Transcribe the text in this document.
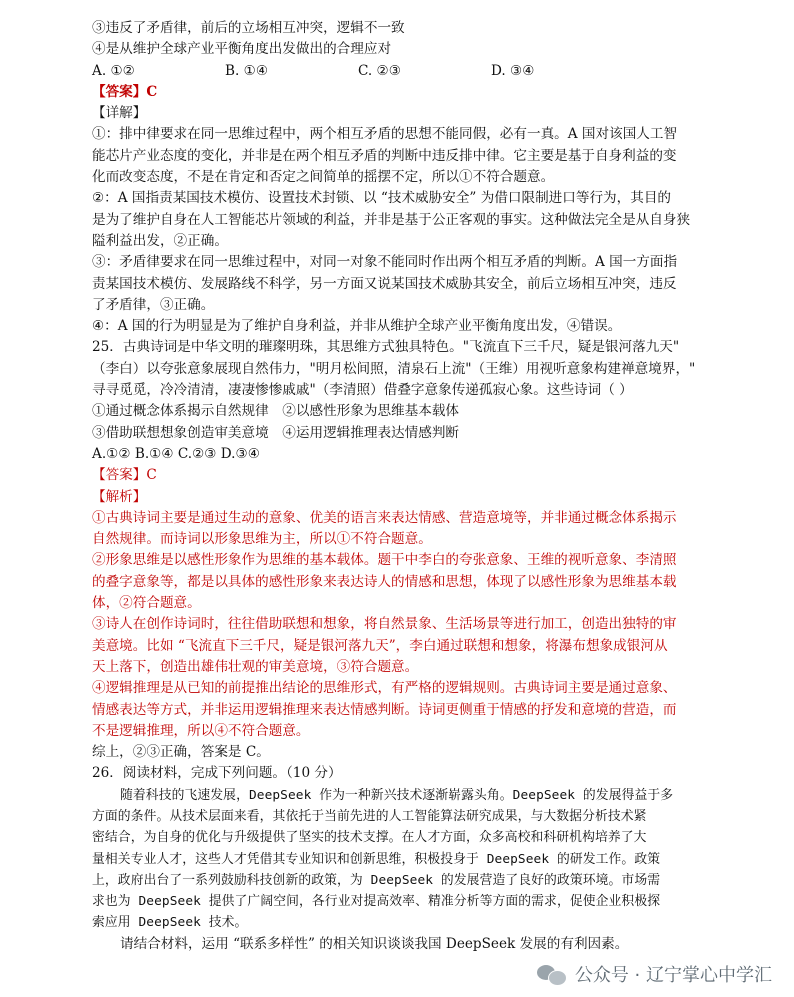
③违反了矛盾律，前后的立场相互冲突，逻辑不一致
④是从维护全球产业平衡角度出发做出的合理应对
A. ①②	B. ①④	C. ②③	D. ③④
【答案】C
【详解】
①：排中律要求在同一思维过程中，两个相互矛盾的思想不能同假，必有一真。A 国对该国人工智
能芯片产业态度的变化，并非是在两个相互矛盾的判断中违反排中律。它主要是基于自身利益的变
化而改变态度，不是在肯定和否定之间简单的摇摆不定，所以①不符合题意。
②：A 国指责某国技术模仿、设置技术封锁、以 “技术威胁安全” 为借口限制进口等行为，其目的
是为了维护自身在人工智能芯片领域的利益，并非是基于公正客观的事实。这种做法完全是从自身狭
隘利益出发，②正确。
③：矛盾律要求在同一思维过程中，对同一对象不能同时作出两个相互矛盾的判断。A 国一方面指
责某国技术模仿、发展路线不科学，另一方面又说某国技术威胁其安全，前后立场相互冲突，违反
了矛盾律，③正确。
④：A 国的行为明显是为了维护自身利益，并非从维护全球产业平衡角度出发，④错误。
25．古典诗词是中华文明的璀璨明珠，其思维方式独具特色。"飞流直下三千尺，疑是银河落九天"
（李白）以夸张意象展现自然伟力，"明月松间照，清泉石上流"（王维）用视听意象构建禅意境界，"
寻寻觅觅，冷冷清清，凄凄惨惨戚戚"（李清照）借叠字意象传递孤寂心象。这些诗词（ ）
①通过概念体系揭示自然规律　②以感性形象为思维基本载体
③借助联想想象创造审美意境　④运用逻辑推理表达情感判断
A.①② B.①④ C.②③ D.③④
【答案】C
【解析】
①古典诗词主要是通过生动的意象、优美的语言来表达情感、营造意境等，并非通过概念体系揭示
自然规律。而诗词以形象思维为主，所以①不符合题意。
②形象思维是以感性形象作为思维的基本载体。题干中李白的夸张意象、王维的视听意象、李清照
的叠字意象等，都是以具体的感性形象来表达诗人的情感和思想，体现了以感性形象为思维基本载
体，②符合题意。
③诗人在创作诗词时，往往借助联想和想象，将自然景象、生活场景等进行加工，创造出独特的审
美意境。比如 “飞流直下三千尺，疑是银河落九天”，李白通过联想和想象，将瀑布想象成银河从
天上落下，创造出雄伟壮观的审美意境，③符合题意。
④逻辑推理是从已知的前提推出结论的思维形式，有严格的逻辑规则。古典诗词主要是通过意象、
情感表达等方式，并非运用逻辑推理来表达情感判断。诗词更侧重于情感的抒发和意境的营造，而
不是逻辑推理，所以④不符合题意。
综上，②③正确，答案是 C。
26．阅读材料，完成下列问题。（10 分）
随着科技的飞速发展，DeepSeek 作为一种新兴技术逐渐崭露头角。DeepSeek 的发展得益于多
方面的条件。从技术层面来看，其依托于当前先进的人工智能算法研究成果，与大数据分析技术紧
密结合，为自身的优化与升级提供了坚实的技术支撑。在人才方面，众多高校和科研机构培养了大
量相关专业人才，这些人才凭借其专业知识和创新思维，积极投身于 DeepSeek 的研发工作。政策
上，政府出台了一系列鼓励科技创新的政策，为 DeepSeek 的发展营造了良好的政策环境。市场需
求也为 DeepSeek 提供了广阔空间，各行业对提高效率、精准分析等方面的需求，促使企业积极探
索应用 DeepSeek 技术。
请结合材料，运用 “联系多样性” 的相关知识谈谈我国 DeepSeek 发展的有利因素。
公众号 · 辽宁掌心中学汇
